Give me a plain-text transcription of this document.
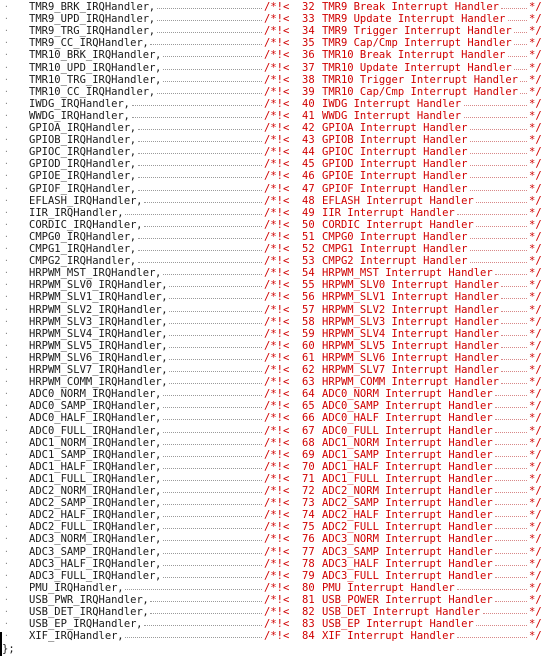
· TMR9_BRK_IRQHandler ,	/*!< 32 TMR9 Break Interrupt Handler	*/
· TMR9_UPD_IRQHandler ,	/*!< 33 TMR9 Update Interrupt Handler */
· TMR9_TRG_IRQHandler ,	/*!< 34 TMR9 Trigger Interrupt Handler */
· TMR9_CC_IRQHandler ,	/*!< 35 TMR9 Cap/Cmp Interrupt Handler */
· TMR10_BRK_IRQHandler ,	/*!< 36 TMR10 Break Interrupt Handler */
· TMR10_UPD_IRQHandler ,	/*!< 37 TMR10 Update Interrupt Handler */
· TMR10_TRG_IRQHandler ,	/*!< 38 TMR10 Trigger Interrupt Handler */
· TMR10_CC_IRQHandler ,	/*!< 39 TMR10 Cap/Cmp Interrupt Handler */
· IWDG_IRQHandler ,	/*!< 40 IWDG Interrupt Handler	*/
· WWDG_IRQHandler ,	/*!< 41 WWDG Interrupt Handler	*/
· GPIOA_IRQHandler ,	/*!< 42 GPIOA Interrupt Handler	*/
· GPIOB_IRQHandler ,	/*!< 43 GPIOB Interrupt Handler	*/
· GPIOC_IRQHandler ,	/*!< 44 GPIOC Interrupt Handler	*/
· GPIOD_IRQHandler ,	/*!< 45 GPIOD Interrupt Handler	*/
· GPIOE_IRQHandler ,	/*!< 46 GPIOE Interrupt Handler	*/
· GPIOF_IRQHandler ,	/*!< 47 GPIOF Interrupt Handler	*/
· EFLASH_IRQHandler ,	/*!< 48 EFLASH Interrupt Handler	*/
· IIR_IRQHandler ,	/*!< 49 IIR Interrupt Handler	*/
· CORDIC_IRQHandler ,	/*!< 50 CORDIC Interrupt Handler	*/
· CMPG0_IRQHandler ,	/*!< 51 CMPG0 Interrupt Handler	*/
· CMPG1_IRQHandler ,	/*!< 52 CMPG1 Interrupt Handler	*/
· CMPG2_IRQHandler ,	/*!< 53 CMPG2 Interrupt Handler	*/
· HRPWM_MST_IRQHandler ,	/*!< 54 HRPWM_MST Interrupt Handler	*/
· HRPWM_SLV0_IRQHandler ,	/*!< 55 HRPWM_SLV0 Interrupt Handler	*/
· HRPWM_SLV1_IRQHandler ,	/*!< 56 HRPWM_SLV1 Interrupt Handler	*/
· HRPWM_SLV2_IRQHandler ,	/*!< 57 HRPWM_SLV2 Interrupt Handler	*/
· HRPWM_SLV3_IRQHandler ,	/*!< 58 HRPWM_SLV3 Interrupt Handler	*/
· HRPWM_SLV4_IRQHandler ,	/*!< 59 HRPWM_SLV4 Interrupt Handler	*/
· HRPWM_SLV5_IRQHandler ,	/*!< 60 HRPWM_SLV5 Interrupt Handler	*/
· HRPWM_SLV6_IRQHandler ,	/*!< 61 HRPWM_SLV6 Interrupt Handler	*/
· HRPWM_SLV7_IRQHandler ,	/*!< 62 HRPWM_SLV7 Interrupt Handler	*/
· HRPWM_COMM_IRQHandler ,	/*!< 63 HRPWM_COMM Interrupt Handler	*/
· ADC0_NORM_IRQHandler ,	/*!< 64 ADC0_NORM Interrupt Handler	*/
· ADC0_SAMP_IRQHandler ,	/*!< 65 ADC0_SAMP Interrupt Handler	*/
· ADC0_HALF_IRQHandler ,	/*!< 66 ADC0_HALF Interrupt Handler	*/
· ADC0_FULL_IRQHandler ,	/*!< 67 ADC0_FULL Interrupt Handler	*/
· ADC1_NORM_IRQHandler ,	/*!< 68 ADC1_NORM Interrupt Handler	*/
· ADC1_SAMP_IRQHandler ,	/*!< 69 ADC1_SAMP Interrupt Handler	*/
· ADC1_HALF_IRQHandler ,	/*!< 70 ADC1_HALF Interrupt Handler	*/
· ADC1_FULL_IRQHandler ,	/*!< 71 ADC1_FULL Interrupt Handler	*/
· ADC2_NORM_IRQHandler ,	/*!< 72 ADC2_NORM Interrupt Handler	*/
· ADC2_SAMP_IRQHandler ,	/*!< 73 ADC2_SAMP Interrupt Handler	*/
· ADC2_HALF_IRQHandler ,	/*!< 74 ADC2_HALF Interrupt Handler	*/
· ADC2_FULL_IRQHandler ,	/*!< 75 ADC2_FULL Interrupt Handler	*/
· ADC3_NORM_IRQHandler ,	/*!< 76 ADC3_NORM Interrupt Handler	*/
· ADC3_SAMP_IRQHandler ,	/*!< 77 ADC3_SAMP Interrupt Handler	*/
· ADC3_HALF_IRQHandler ,	/*!< 78 ADC3_HALF Interrupt Handler	*/
· ADC3_FULL_IRQHandler ,	/*!< 79 ADC3_FULL Interrupt Handler	*/
· PMU_IRQHandler ,	/*!< 80 PMU Interrupt Handler	*/
· USB_PWR_IRQHandler ,	/*!< 81 USB_POWER Interrupt Handler	*/
· USB_DET_IRQHandler ,	/*!< 82 USB_DET Interrupt Handler	*/
· USB_EP_IRQHandler ,	/*!< 83 USB_EP Interrupt Handler	*/
· XIF_IRQHandler ,	/*!< 84 XIF Interrupt Handler	*/
};
